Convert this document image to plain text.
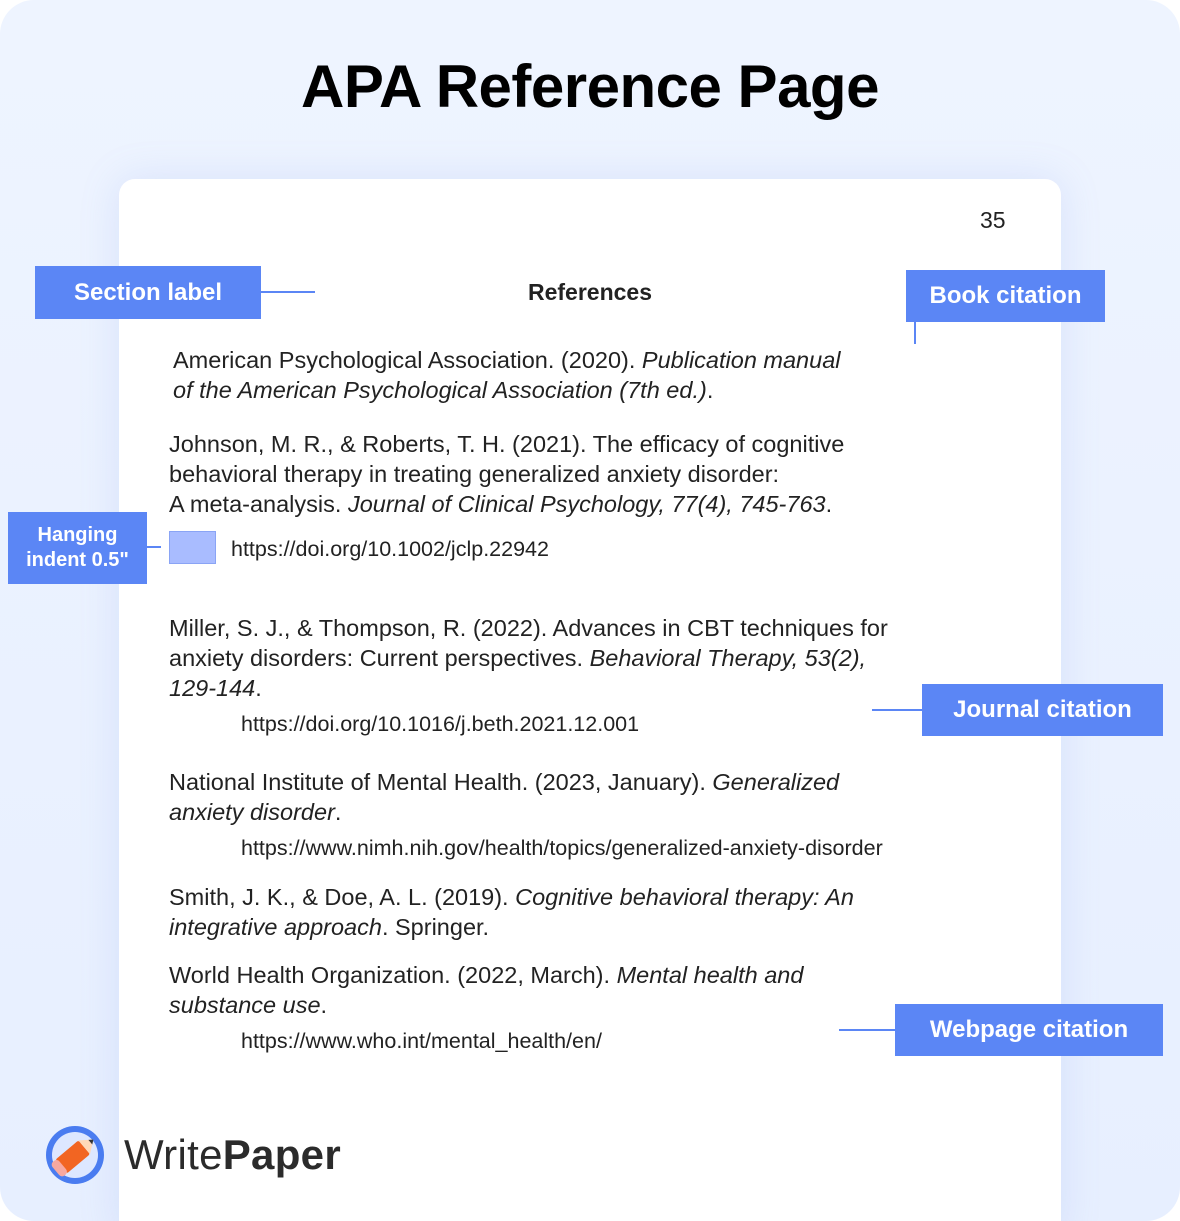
APA Reference Page
35
References
American Psychological Association. (2020). Publication manual
of the American Psychological Association (7th ed.).
Johnson, M. R., & Roberts, T. H. (2021). The efficacy of cognitive
behavioral therapy in treating generalized anxiety disorder:
A meta-analysis. Journal of Clinical Psychology, 77(4), 745-763.
https://doi.org/10.1002/jclp.22942
Miller, S. J., & Thompson, R. (2022). Advances in CBT techniques for
anxiety disorders: Current perspectives. Behavioral Therapy, 53(2),
129-144.
https://doi.org/10.1016/j.beth.2021.12.001
National Institute of Mental Health. (2023, January). Generalized
anxiety disorder.
https://www.nimh.nih.gov/health/topics/generalized-anxiety-disorder
Smith, J. K., & Doe, A. L. (2019). Cognitive behavioral therapy: An
integrative approach. Springer.
World Health Organization. (2022, March). Mental health and
substance use.
https://www.who.int/mental_health/en/
Section label	Book citation
Hanging
indent 0.5"
Journal citation
Webpage citation
WritePaper
